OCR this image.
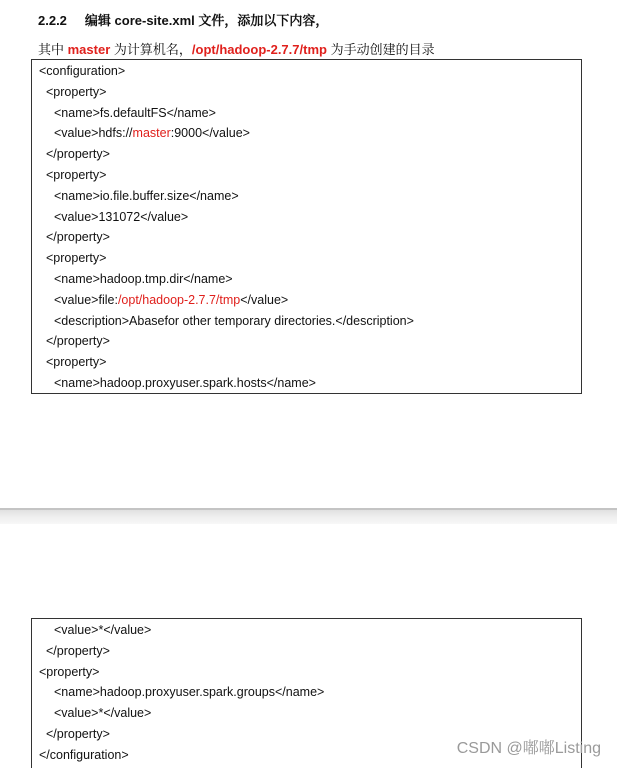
2.2.2 编辑 core-site.xml 文件，添加以下内容，
其中 master 为计算机名，/opt/hadoop-2.7.7/tmp 为手动创建的目录
<configuration>
<property>
<name>fs.defaultFS</name>
<value>hdfs://master:9000</value>
</property>
<property>
<name>io.file.buffer.size</name>
<value>131072</value>
</property>
<property>
<name>hadoop.tmp.dir</name>
<value>file:/opt/hadoop-2.7.7/tmp</value>
<description>Abasefor other temporary directories.</description>
</property>
<property>
<name>hadoop.proxyuser.spark.hosts</name>
<value>*</value>
</property>
<property>
<name>hadoop.proxyuser.spark.groups</name>
<value>*</value>
</property>
</configuration>	CSDN @嘟嘟Listing
